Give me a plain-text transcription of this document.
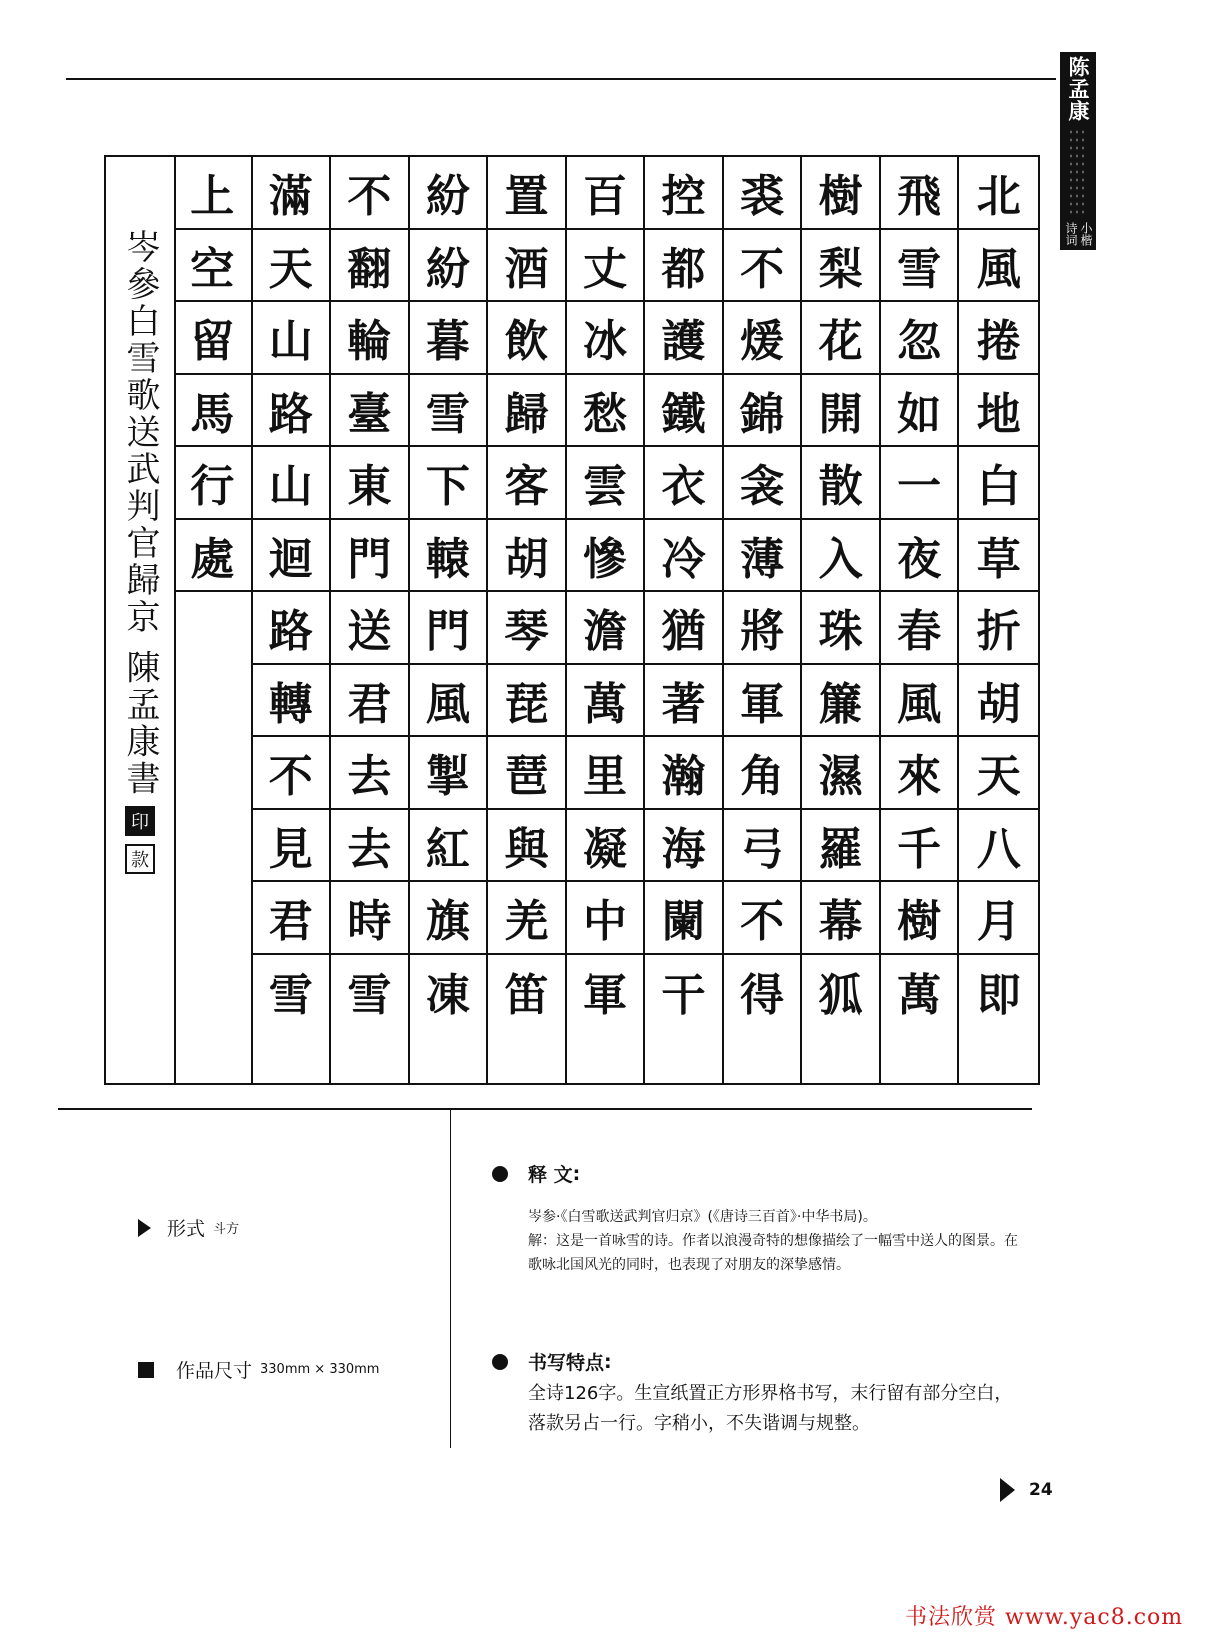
陈孟康
小楷
诗词
岑參白雪歌送武判官歸京 陳孟康書
印
款
上
空
留
馬
行
處
滿
天
山
路
山
迴
路
轉
不
見
君
雪
不
翻
輪
臺
東
門
送
君
去
去
時
雪
紛
紛
暮
雪
下
轅
門
風
掣
紅
旗
凍
置
酒
飲
歸
客
胡
琴
琵
琶
與
羌
笛
百
丈
冰
愁
雲
慘
澹
萬
里
凝
中
軍
控
都
護
鐵
衣
冷
猶
著
瀚
海
闌
干
裘
不
煖
錦
衾
薄
將
軍
角
弓
不
得
樹
梨
花
開
散
入
珠
簾
濕
羅
幕
狐
飛
雪
忽
如
一
夜
春
風
來
千
樹
萬
北
風
捲
地
白
草
折
胡
天
八
月
即
形式 斗方
作品尺寸 330mm × 330mm
释 文 :
岑参·《白雪歌送武判官归京》(《唐诗三百首》·中华书局)。
解：这是一首咏雪的诗。作者以浪漫奇特的想像描绘了一幅雪中送人的图景。在歌咏北国风光的同时，也表现了对朋友的深挚感情。
书写特点 :
全诗126字。生宣纸置正方形界格书写，末行留有部分空白，落款另占一行。字稍小，不失谐调与规整。
24
书法欣赏 www.yac8.com
